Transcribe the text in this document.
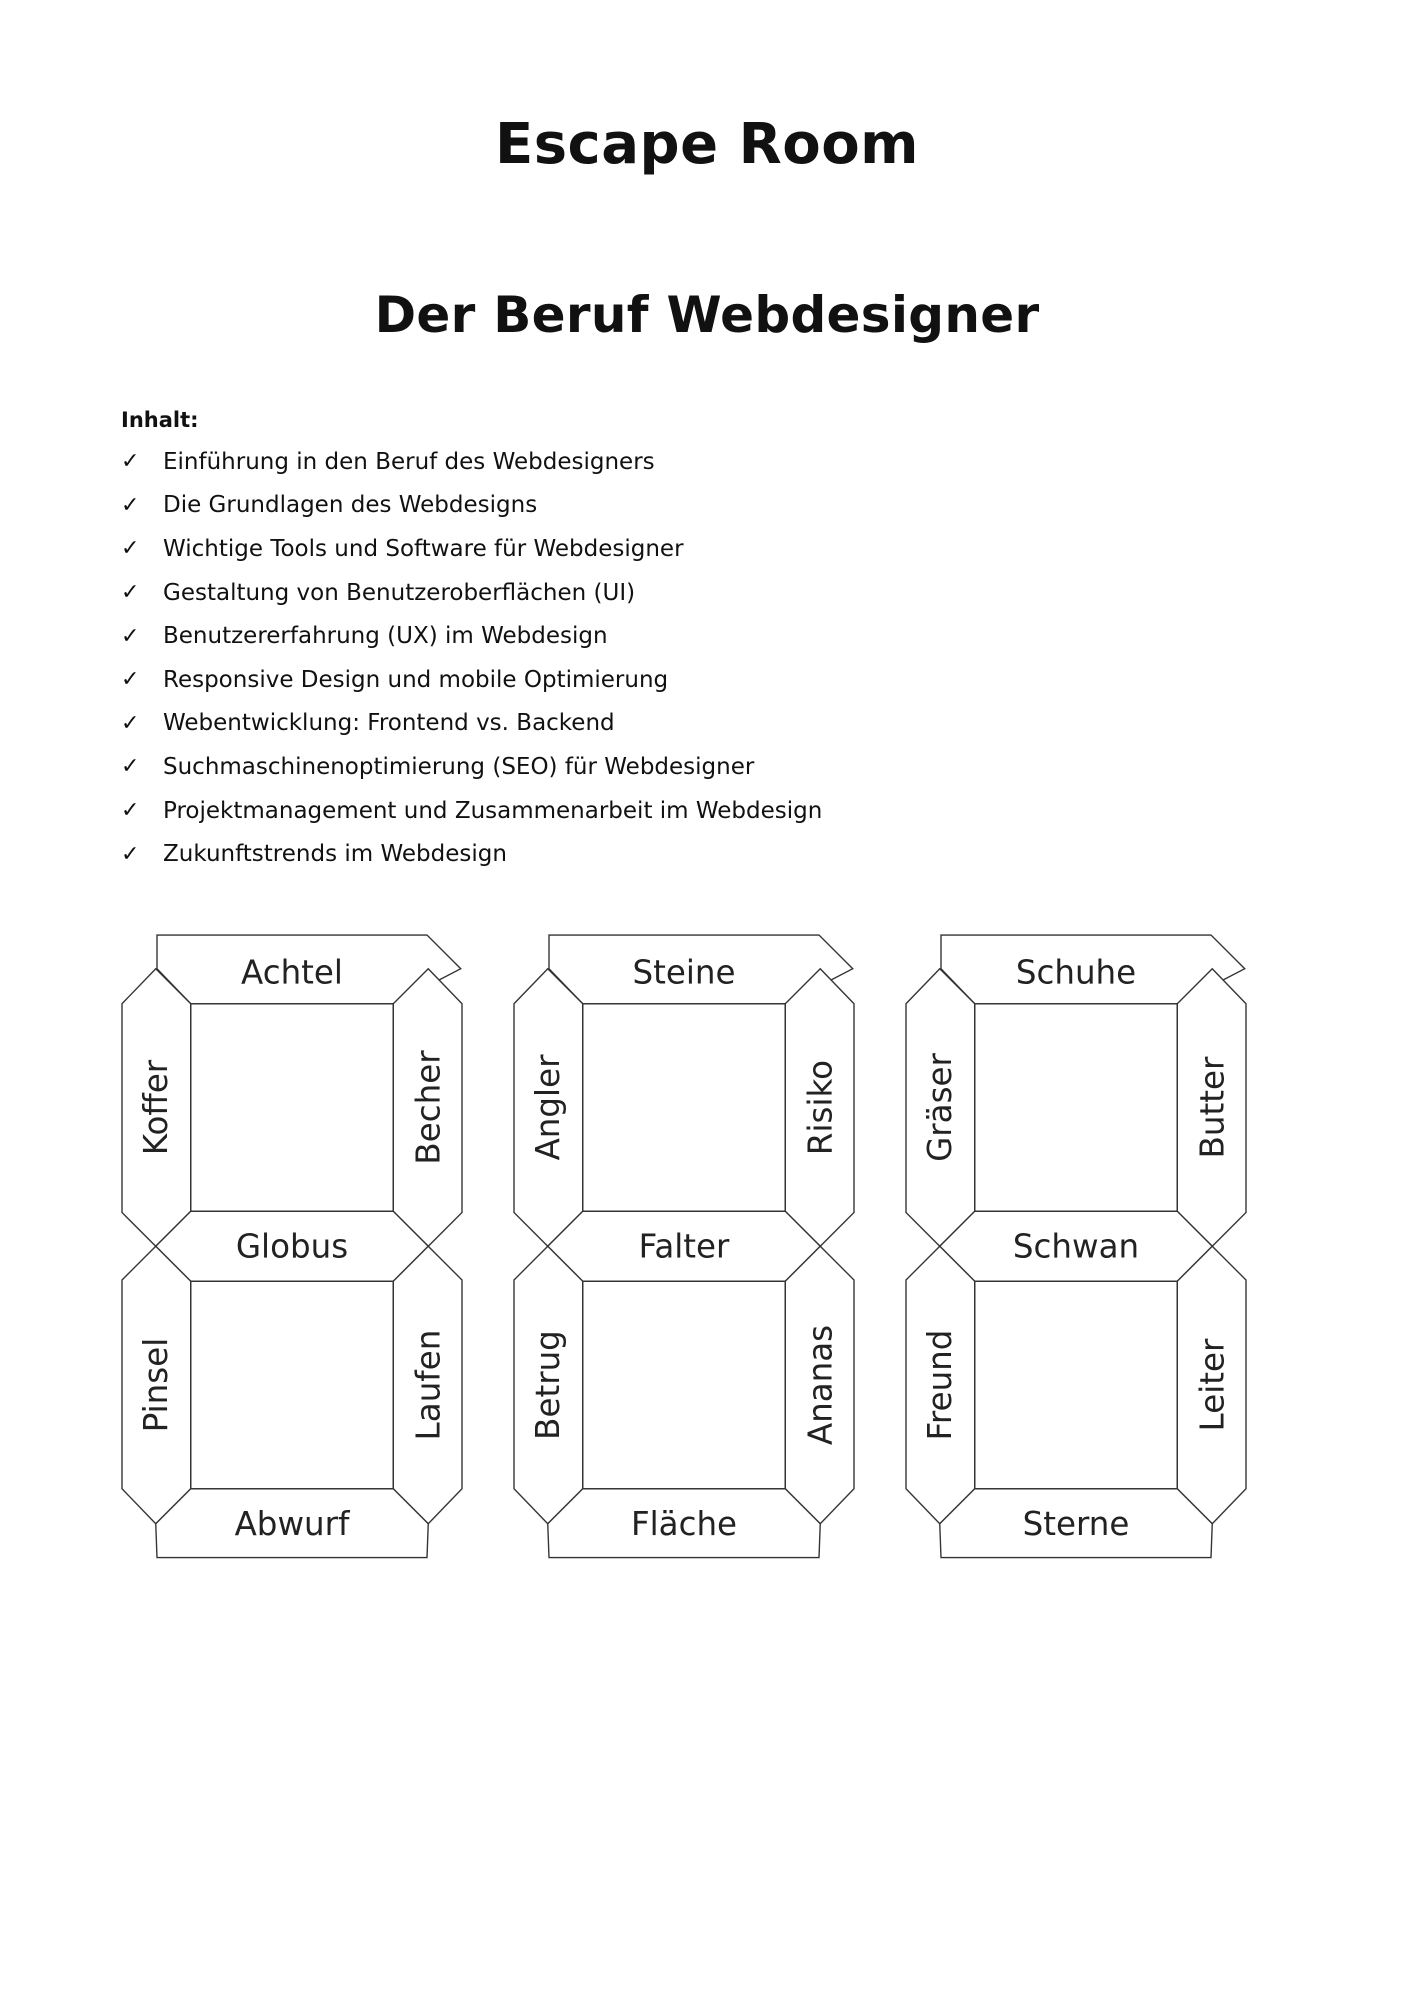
Escape Room
Der Beruf Webdesigner
Inhalt:
✓	Einführung in den Beruf des Webdesigners
✓	Die Grundlagen des Webdesigns
✓	Wichtige Tools und Software für Webdesigner
✓	Gestaltung von Benutzeroberflächen (UI)
✓	Benutzererfahrung (UX) im Webdesign
✓	Responsive Design und mobile Optimierung
✓	Webentwicklung: Frontend vs. Backend
✓	Suchmaschinenoptimierung (SEO) für Webdesigner
✓	Projektmanagement und Zusammenarbeit im Webdesign
✓	Zukunftstrends im Webdesign
Achtel
Globus
Abwurf
Koffer	Becher
Pinsel	Laufen
Steine
Falter
Fläche
Angler	Risiko
Betrug	Ananas
Schuhe
Schwan
Sterne
Gräser	Butter
Freund	Leiter
